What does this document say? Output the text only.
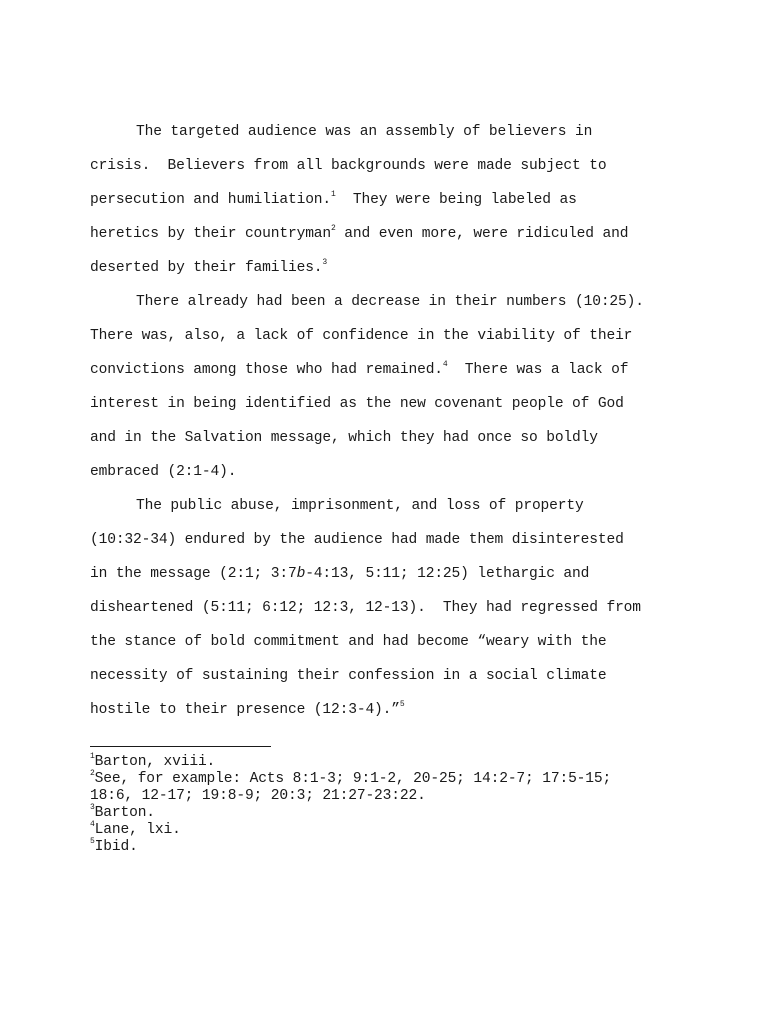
The targeted audience was an assembly of believers in
crisis.  Believers from all backgrounds were made subject to
persecution and humiliation.$^1$  They were being labeled as
heretics by their countryman$^2$ and even more, were ridiculed and
deserted by their families.$^3$
There already had been a decrease in their numbers (10:25).
There was, also, a lack of confidence in the viability of their
convictions among those who had remained.$^4$  There was a lack of
interest in being identified as the new covenant people of God
and in the Salvation message, which they had once so boldly
embraced (2:1-4).
The public abuse, imprisonment, and loss of property
(10:32-34) endured by the audience had made them disinterested
in the message (2:1; 3:7b-4:13, 5:11; 12:25) lethargic and
disheartened (5:11; 6:12; 12:3, 12-13).  They had regressed from
the stance of bold commitment and had become “weary with the
necessity of sustaining their confession in a social climate
hostile to their presence (12:3-4).”$^5$
$^1$Barton, xviii.
$^2$See, for example: Acts 8:1-3; 9:1-2, 20-25; 14:2-7; 17:5-15;
18:6, 12-17; 19:8-9; 20:3; 21:27-23:22.
$^3$Barton.
$^4$Lane, lxi.
$^5$Ibid.
